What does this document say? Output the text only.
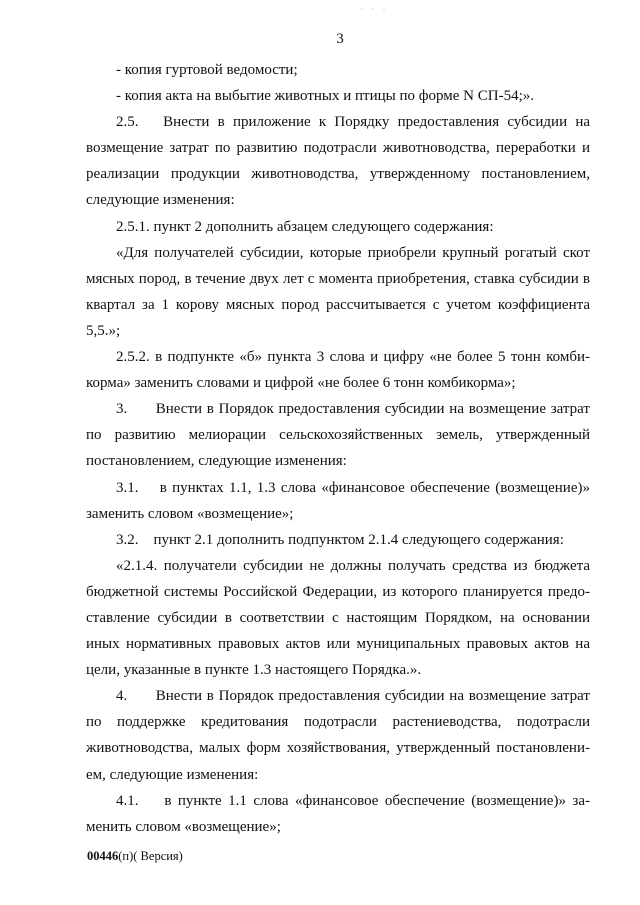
· · ·
3

- копия гуртовой ведомости;

- копия акта на выбытие животных и птицы по форме N СП-54;».

2.5.   Внести в приложение к Порядку предоставления субсидии на возмещение затрат по развитию подотрасли животноводства, переработки и реализации продукции животноводства, утвержденному постановлением, следующие изменения:

2.5.1. пункт 2 дополнить абзацем следующего содержания:

«Для получателей субсидии, которые приобрели крупный рогатый скот мясных пород, в течение двух лет с момента приобретения, ставка субсидии в квартал за 1 корову мясных пород рассчитывается с учетом коэффициента 5,5.»;

2.5.2. в подпункте «б» пункта 3 слова и цифру «не более 5 тонн комбикорма» заменить словами и цифрой «не более 6 тонн комбикорма»;

3.      Внести в Порядок предоставления субсидии на возмещение затрат по развитию мелиорации сельскохозяйственных земель, утвержденный постановлением, следующие изменения:

3.1.    в пунктах 1.1, 1.3 слова «финансовое обеспечение (возмещение)» заменить словом «возмещение»;

3.2.    пункт 2.1 дополнить подпунктом 2.1.4 следующего содержания:

«2.1.4. получатели субсидии не должны получать средства из бюджета бюджетной системы Российской Федерации, из которого планируется предоставление субсидии в соответствии с настоящим Порядком, на основании иных нормативных правовых актов или муниципальных правовых актов на цели, указанные в пункте 1.3 настоящего Порядка.».

4.      Внести в Порядок предоставления субсидии на возмещение затрат по поддержке кредитования подотрасли растениеводства, подотрасли животноводства, малых форм хозяйствования, утвержденный постановлением, следующие изменения:

4.1.    в пункте 1.1 слова «финансовое обеспечение (возмещение)» заменить словом «возмещение»;

00446(п)( Версия)
